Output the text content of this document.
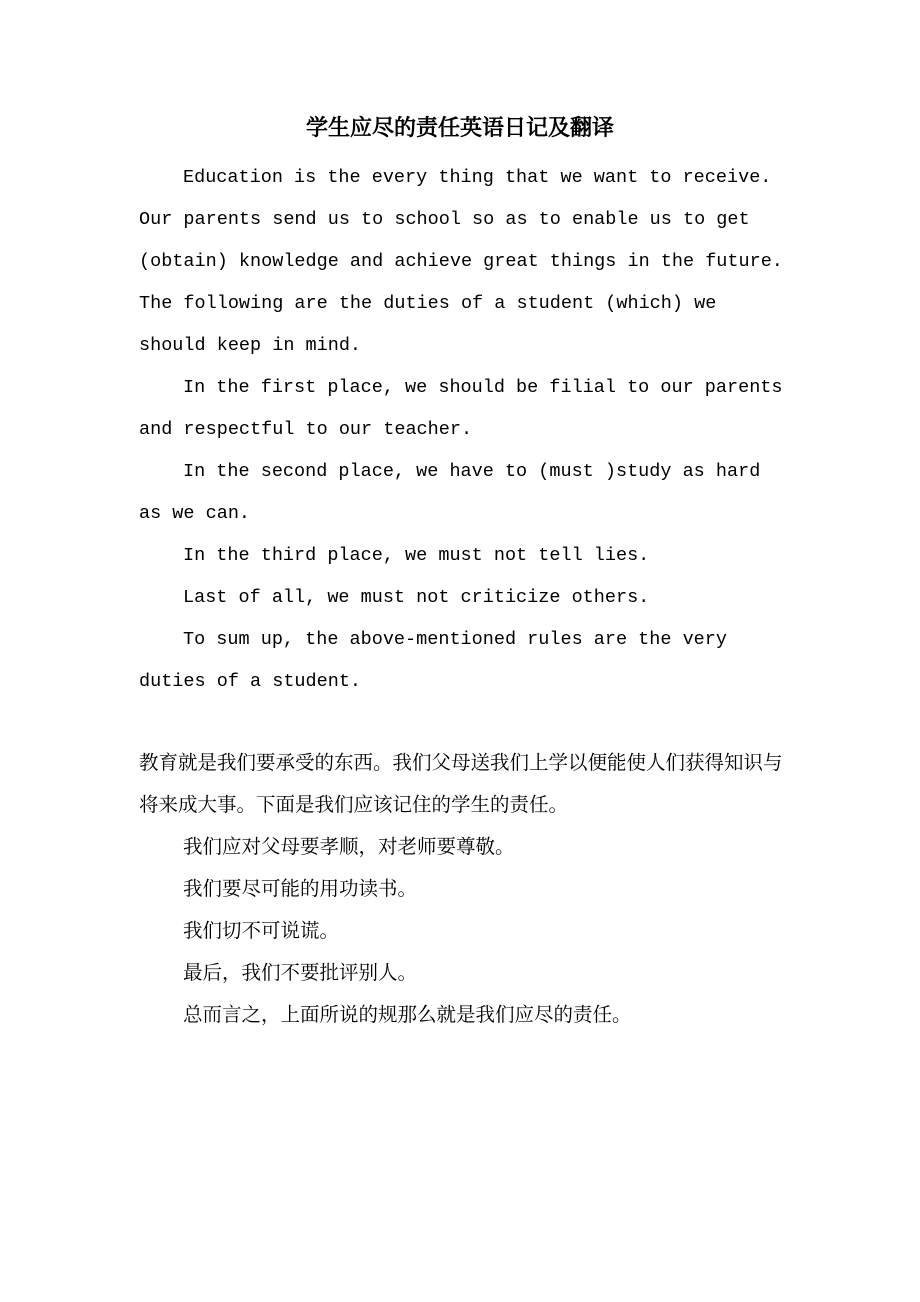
学生应尽的责任英语日记及翻译

Education is the every thing that we want to receive. Our parents send us to school so as to enable us to get (obtain) knowledge and achieve great things in the future. The following are the duties of a student (which) we should keep in mind.

In the first place, we should be filial to our parents and respectful to our teacher.

In the second place, we have to (must )study as hard as we can.

In the third place, we must not tell lies.

Last of all, we must not criticize others.

To sum up, the above-mentioned rules are the very duties of a student.

教育就是我们要承受的东西。我们父母送我们上学以便能使人们获得知识与将来成大事。下面是我们应该记住的学生的责任。

我们应对父母要孝顺，对老师要尊敬。

我们要尽可能的用功读书。

我们切不可说谎。

最后，我们不要批评别人。

总而言之，上面所说的规那么就是我们应尽的责任。
